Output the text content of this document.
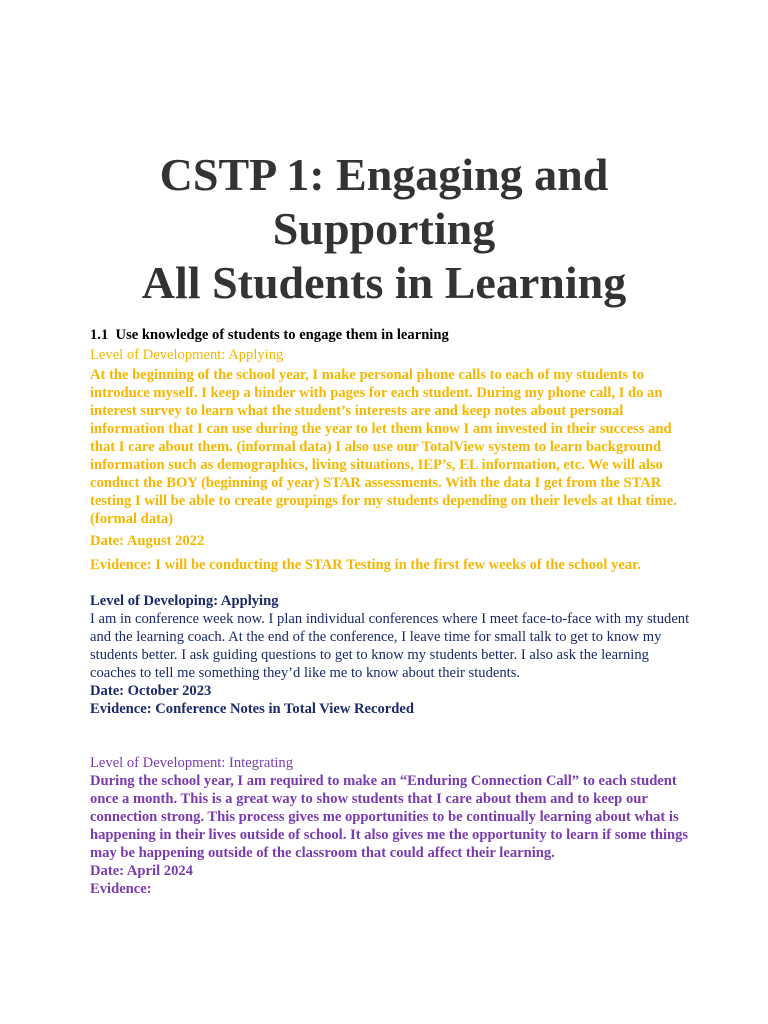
CSTP 1: Engaging and
Supporting
All Students in Learning

1.1 Use knowledge of students to engage them in learning

Level of Development: Applying

At the beginning of the school year, I make personal phone calls to each of my students to introduce myself. I keep a binder with pages for each student. During my phone call, I do an interest survey to learn what the student’s interests are and keep notes about personal information that I can use during the year to let them know I am invested in their success and that I care about them. (informal data) I also use our TotalView system to learn background information such as demographics, living situations, IEP’s, EL information, etc. We will also conduct the BOY (beginning of year) STAR assessments. With the data I get from the STAR testing I will be able to create groupings for my students depending on their levels at that time. (formal data)

Date: August 2022

Evidence: I will be conducting the STAR Testing in the first few weeks of the school year.

Level of Developing: Applying

I am in conference week now. I plan individual conferences where I meet face-to-face with my student and the learning coach. At the end of the conference, I leave time for small talk to get to know my students better. I ask guiding questions to get to know my students better. I also ask the learning coaches to tell me something they’d like me to know about their students.

Date: October 2023

Evidence: Conference Notes in Total View Recorded

Level of Development: Integrating

During the school year, I am required to make an “Enduring Connection Call” to each student once a month. This is a great way to show students that I care about them and to keep our connection strong. This process gives me opportunities to be continually learning about what is happening in their lives outside of school. It also gives me the opportunity to learn if some things may be happening outside of the classroom that could affect their learning.

Date: April 2024

Evidence:
